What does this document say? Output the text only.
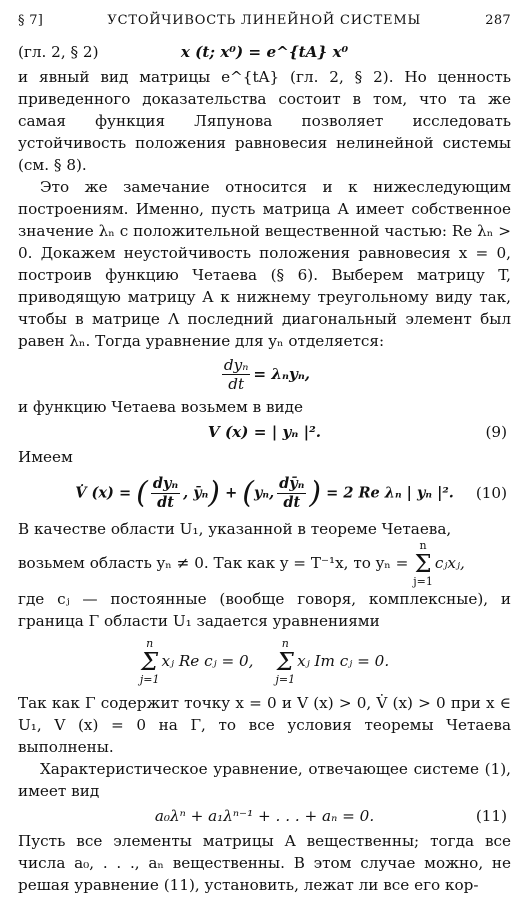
§ 7]	УСТОЙЧИВОСТЬ ЛИНЕЙНОЙ СИСТЕМЫ	287
(гл. 2, § 2)	x (t; x⁰) = e^{tA} x⁰

и явный вид матрицы e^{tA} (гл. 2, § 2). Но ценность приведенного доказательства состоит в том, что та же самая функция Ляпунова позволяет исследовать устойчивость положения равновесия нелинейной системы (см. § 8).

Это же замечание относится и к нижеследующим построениям. Именно, пусть матрица A имеет собственное значение λₙ с положительной вещественной частью: Re λₙ > 0. Докажем неустойчивость положения равновесия x = 0, построив функцию Четаева (§ 6). Выберем матрицу T, приводящую матрицу A к нижнему треугольному виду так, чтобы в матрице Λ последний диагональный элемент был равен λₙ. Тогда уравнение для yₙ отделяется:

$\frac{\text{dyₙ}}{dt} = \lambda_ny_n$,

и функцию Четаева возьмем в виде

V (x) = | yₙ |².	(9)

Имеем

V̇ (x) = ( $\frac{\text{dyₙ}}{dt}$ , ȳₙ) + (yₙ, $\frac{\text{dȳₙ}}{dt}$ ) = 2 Re λₙ | yₙ |². (10)

В качестве области U₁, указанной в теореме Четаева,

возьмем область yₙ ≠ 0. Так как y = T⁻¹x, то yₙ =
n
Σ
j=1
cⱼxⱼ,

где cⱼ — постоянные (вообще говоря, комплексные), и граница Γ области U₁ задается уравнениями

n
Σ
j=1
xⱼ Re cⱼ = 0,
n
Σ
j=1
xⱼ Im cⱼ = 0.

Так как Γ содержит точку x = 0 и V (x) > 0, V̇ (x) > 0 при x ∈ U₁, V (x) = 0 на Γ, то все условия теоремы Четаева выполнены.

Характеристическое уравнение, отвечающее системе (1), имеет вид

a₀λⁿ + a₁λⁿ⁻¹ + . . . + aₙ = 0.	(11)

Пусть все элементы матрицы A вещественны; тогда все числа a₀, . . ., aₙ вещественны. В этом случае можно, не решая уравнение (11), установить, лежат ли все его кор-
